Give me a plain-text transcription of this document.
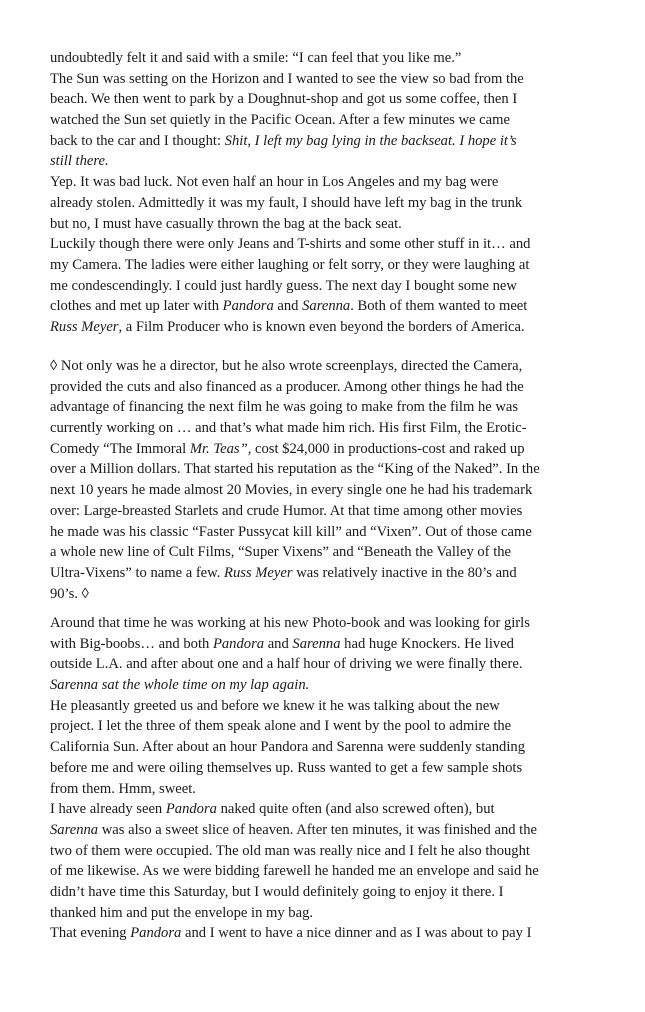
undoubtedly felt it and said with a smile: “I can feel that you like me.”
The Sun was setting on the Horizon and I wanted to see the view so bad from the
beach. We then went to park by a Doughnut-shop and got us some coffee, then I
watched the Sun set quietly in the Pacific Ocean. After a few minutes we came
back to the car and I thought: Shit, I left my bag lying in the backseat. I hope it’s
still there.
Yep. It was bad luck. Not even half an hour in Los Angeles and my bag were
already stolen. Admittedly it was my fault, I should have left my bag in the trunk
but no, I must have casually thrown the bag at the back seat.
Luckily though there were only Jeans and T-shirts and some other stuff in it… and
my Camera. The ladies were either laughing or felt sorry, or they were laughing at
me condescendingly. I could just hardly guess. The next day I bought some new
clothes and met up later with Pandora and Sarenna. Both of them wanted to meet
Russ Meyer, a Film Producer who is known even beyond the borders of America.
◊ Not only was he a director, but he also wrote screenplays, directed the Camera,
provided the cuts and also financed as a producer. Among other things he had the
advantage of financing the next film he was going to make from the film he was
currently working on … and that’s what made him rich. His first Film, the Erotic-
Comedy “The Immoral Mr. Teas”, cost $24,000 in productions-cost and raked up
over a Million dollars. That started his reputation as the “King of the Naked”. In the
next 10 years he made almost 20 Movies, in every single one he had his trademark
over: Large-breasted Starlets and crude Humor. At that time among other movies
he made was his classic “Faster Pussycat kill kill” and “Vixen”. Out of those came
a whole new line of Cult Films, “Super Vixens” and “Beneath the Valley of the
Ultra-Vixens” to name a few. Russ Meyer was relatively inactive in the 80’s and
90’s. ◊
Around that time he was working at his new Photo-book and was looking for girls
with Big-boobs… and both Pandora and Sarenna had huge Knockers. He lived
outside L.A. and after about one and a half hour of driving we were finally there.
Sarenna sat the whole time on my lap again.
He pleasantly greeted us and before we knew it he was talking about the new
project. I let the three of them speak alone and I went by the pool to admire the
California Sun. After about an hour Pandora and Sarenna were suddenly standing
before me and were oiling themselves up. Russ wanted to get a few sample shots
from them. Hmm, sweet.
I have already seen Pandora naked quite often (and also screwed often), but
Sarenna was also a sweet slice of heaven. After ten minutes, it was finished and the
two of them were occupied. The old man was really nice and I felt he also thought
of me likewise. As we were bidding farewell he handed me an envelope and said he
didn’t have time this Saturday, but I would definitely going to enjoy it there. I
thanked him and put the envelope in my bag.
That evening Pandora and I went to have a nice dinner and as I was about to pay I
